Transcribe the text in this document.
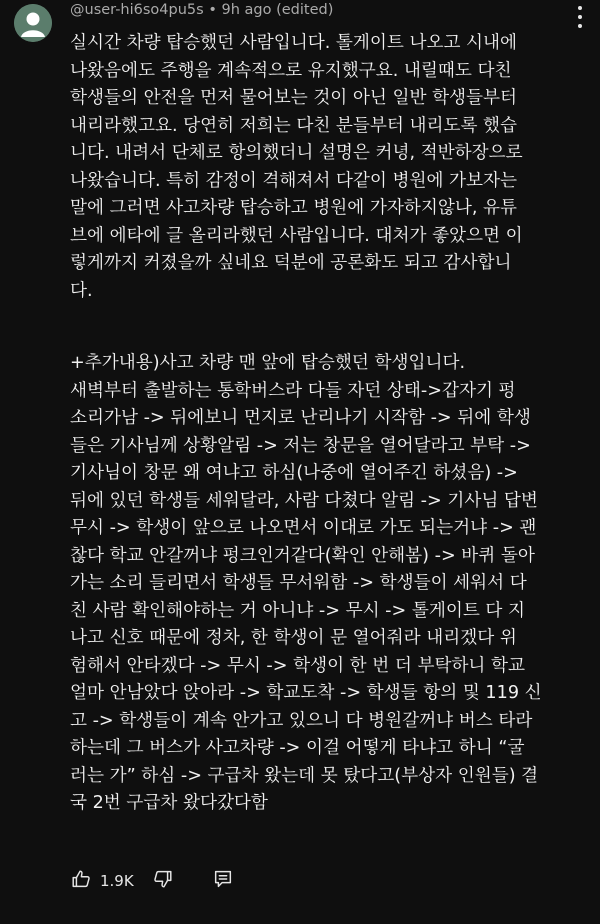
@user-hi6so4pu5s • 9h ago (edited)
실시간 차량 탑승했던 사람입니다. 톨게이트 나오고 시내에
나왔음에도 주행을 계속적으로 유지했구요. 내릴때도 다친
학생들의 안전을 먼저 물어보는 것이 아닌 일반 학생들부터
내리라했고요. 당연히 저희는 다친 분들부터 내리도록 했습
니다. 내려서 단체로 항의했더니 설명은 커녕, 적반하장으로
나왔습니다. 특히 감정이 격해져서 다같이 병원에 가보자는
말에 그러면 사고차량 탑승하고 병원에 가자하지않나, 유튜
브에 에타에 글 올리라했던 사람입니다. 대처가 좋았으면 이
렇게까지 커졌을까 싶네요 덕분에 공론화도 되고 감사합니
다.
+추가내용)사고 차량 맨 앞에 탑승했던 학생입니다.
새벽부터 출발하는 통학버스라 다들 자던 상태->갑자기 펑
소리가남 -> 뒤에보니 먼지로 난리나기 시작함 -> 뒤에 학생
들은 기사님께 상황알림 -> 저는 창문을 열어달라고 부탁 ->
기사님이 창문 왜 여냐고 하심(나중에 열어주긴 하셨음) ->
뒤에 있던 학생들 세워달라, 사람 다쳤다 알림 -> 기사님 답변
무시 -> 학생이 앞으로 나오면서 이대로 가도 되는거냐 -> 괜
찮다 학교 안갈꺼냐 펑크인거같다(확인 안해봄) -> 바퀴 돌아
가는 소리 들리면서 학생들 무서워함 -> 학생들이 세워서 다
친 사람 확인해야하는 거 아니냐 -> 무시 -> 톨게이트 다 지
나고 신호 때문에 정차, 한 학생이 문 열어줘라 내리겠다 위
험해서 안타겠다 -> 무시 -> 학생이 한 번 더 부탁하니 학교
얼마 안남았다 앉아라 -> 학교도착 -> 학생들 항의 및 119 신
고 -> 학생들이 계속 안가고 있으니 다 병원갈꺼냐 버스 타라
하는데 그 버스가 사고차량 -> 이걸 어떻게 타냐고 하니 “굴
러는 가” 하심 -> 구급차 왔는데 못 탔다고(부상자 인원들) 결
국 2번 구급차 왔다갔다함
1.9K
